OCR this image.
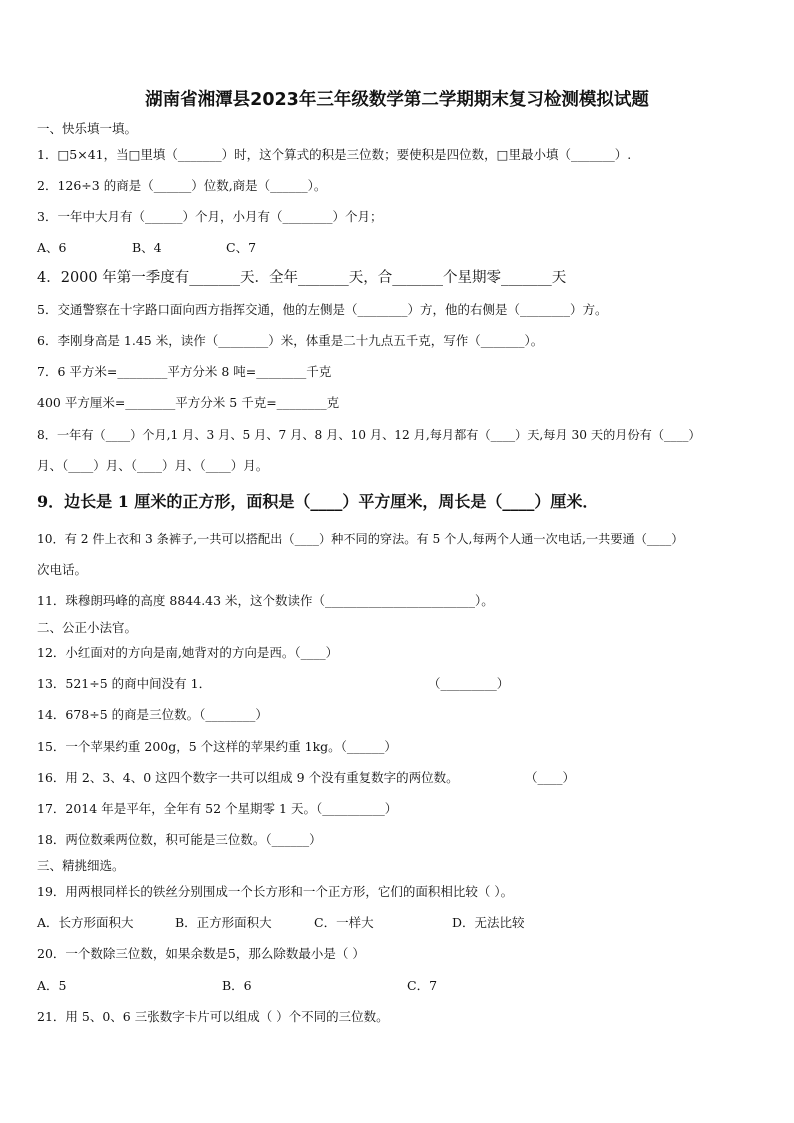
湖南省湘潭县2023年三年级数学第二学期期末复习检测模拟试题
一、快乐填一填。
1．□5×41，当□里填（_______）时，这个算式的积是三位数；要使积是四位数，□里最小填（_______）.
2．126÷3 的商是（______）位数,商是（______）。
3．一年中大月有（______）个月，小月有（________）个月；
A、6	B、4	C、7
4．2000 年第一季度有_______天．全年_______天，合_______个星期零_______天
5．交通警察在十字路口面向西方指挥交通，他的左侧是（________）方，他的右侧是（________）方。
6．李刚身高是 1.45 米，读作（________）米，体重是二十九点五千克，写作（_______）。
7．6 平方米=________平方分米 8 吨=________千克
400 平方厘米=________平方分米 5 千克=________克
8．一年有（____）个月,1 月、3 月、5 月、7 月、8 月、10 月、12 月,每月都有（____）天,每月 30 天的月份有（____）
月、（____）月、（____）月、（____）月。
9．边长是 1 厘米的正方形，面积是（____）平方厘米，周长是（____）厘米．
10．有 2 件上衣和 3 条裤子,一共可以搭配出（____）种不同的穿法。有 5 个人,每两个人通一次电话,一共要通（____）
次电话。
11．珠穆朗玛峰的高度 8844.43 米，这个数读作（________________________）。
二、公正小法官。
12．小红面对的方向是南,她背对的方向是西。（____）
13．521÷5 的商中间没有 1．	（_________）
14．678÷5 的商是三位数。（________）
15．一个苹果约重 200g，5 个这样的苹果约重 1kg。（______）
16．用 2、3、4、0 这四个数字一共可以组成 9 个没有重复数字的两位数。	（____）
17．2014 年是平年，全年有 52 个星期零 1 天。（__________）
18．两位数乘两位数，积可能是三位数。（______）
三、精挑细选。
19．用两根同样长的铁丝分别围成一个长方形和一个正方形，它们的面积相比较（ ）。
A．长方形面积大	B．正方形面积大	C．一样大	D．无法比较
20．一个数除三位数，如果余数是5，那么除数最小是（ ）
A．5	B．6	C．7
21．用 5、0、6 三张数字卡片可以组成（ ）个不同的三位数。
